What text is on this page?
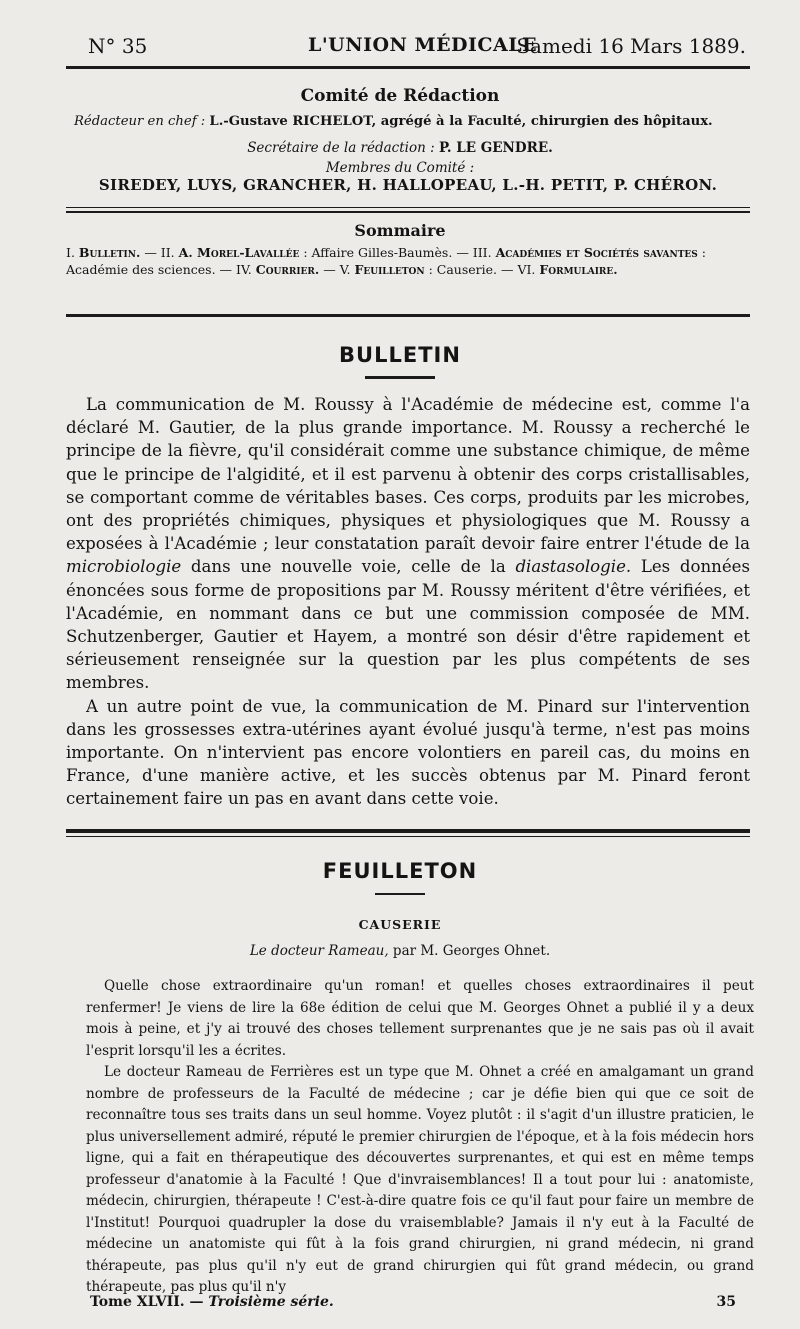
N° 35	L'UNION MÉDICALE
Samedi 16 Mars 1889.
Comité de Rédaction
Rédacteur en chef : L.-Gustave RICHELOT, agrégé à la Faculté, chirurgien des hôpitaux.
Secrétaire de la rédaction : P. LE GENDRE.
Membres du Comité :
SIREDEY, LUYS, GRANCHER, H. HALLOPEAU, L.-H. PETIT, P. CHÉRON.
Sommaire
I. Bulletin. — II. A. Morel-Lavallée : Affaire Gilles-Baumès. — III. Académies et Sociétés savantes : Académie des sciences. — IV. Courrier. — V. Feuilleton : Causerie. — VI. Formulaire.
BULLETIN

La communication de M. Roussy à l'Académie de médecine est, comme l'a déclaré M. Gautier, de la plus grande importance. M. Roussy a recherché le principe de la fièvre, qu'il considérait comme une substance chimique, de même que le principe de l'algidité, et il est parvenu à obtenir des corps cristallisables, se comportant comme de véritables bases. Ces corps, produits par les microbes, ont des propriétés chimiques, physiques et physiologiques que M. Roussy a exposées à l'Académie ; leur constatation paraît devoir faire entrer l'étude de la microbiologie dans une nouvelle voie, celle de la diastasologie. Les données énoncées sous forme de propositions par M. Roussy méritent d'être vérifiées, et l'Académie, en nommant dans ce but une commission composée de MM. Schutzenberger, Gautier et Hayem, a montré son désir d'être rapidement et sérieusement renseignée sur la question par les plus compétents de ses membres.

A un autre point de vue, la communication de M. Pinard sur l'intervention dans les grossesses extra-utérines ayant évolué jusqu'à terme, n'est pas moins importante. On n'intervient pas encore volontiers en pareil cas, du moins en France, d'une manière active, et les succès obtenus par M. Pinard feront certainement faire un pas en avant dans cette voie.

FEUILLETON
CAUSERIE
Le docteur Rameau, par M. Georges Ohnet.

Quelle chose extraordinaire qu'un roman! et quelles choses extraordinaires il peut renfermer! Je viens de lire la 68e édition de celui que M. Georges Ohnet a publié il y a deux mois à peine, et j'y ai trouvé des choses tellement surprenantes que je ne sais pas où il avait l'esprit lorsqu'il les a écrites.

Le docteur Rameau de Ferrières est un type que M. Ohnet a créé en amalgamant un grand nombre de professeurs de la Faculté de médecine ; car je défie bien qui que ce soit de reconnaître tous ses traits dans un seul homme. Voyez plutôt : il s'agit d'un illustre praticien, le plus universellement admiré, réputé le premier chirurgien de l'époque, et à la fois médecin hors ligne, qui a fait en thérapeutique des découvertes surprenantes, et qui est en même temps professeur d'anatomie à la Faculté ! Que d'invraisemblances! Il a tout pour lui : anatomiste, médecin, chirurgien, thérapeute ! C'est-à-dire quatre fois ce qu'il faut pour faire un membre de l'Institut! Pourquoi quadrupler la dose du vraisemblable? Jamais il n'y eut à la Faculté de médecine un anatomiste qui fût à la fois grand chirurgien, ni grand médecin, ni grand thérapeute, pas plus qu'il n'y eut de grand chirurgien qui fût grand médecin, ou grand thérapeute, pas plus qu'il n'y

Tome XLVII. — Troisième série.	35
